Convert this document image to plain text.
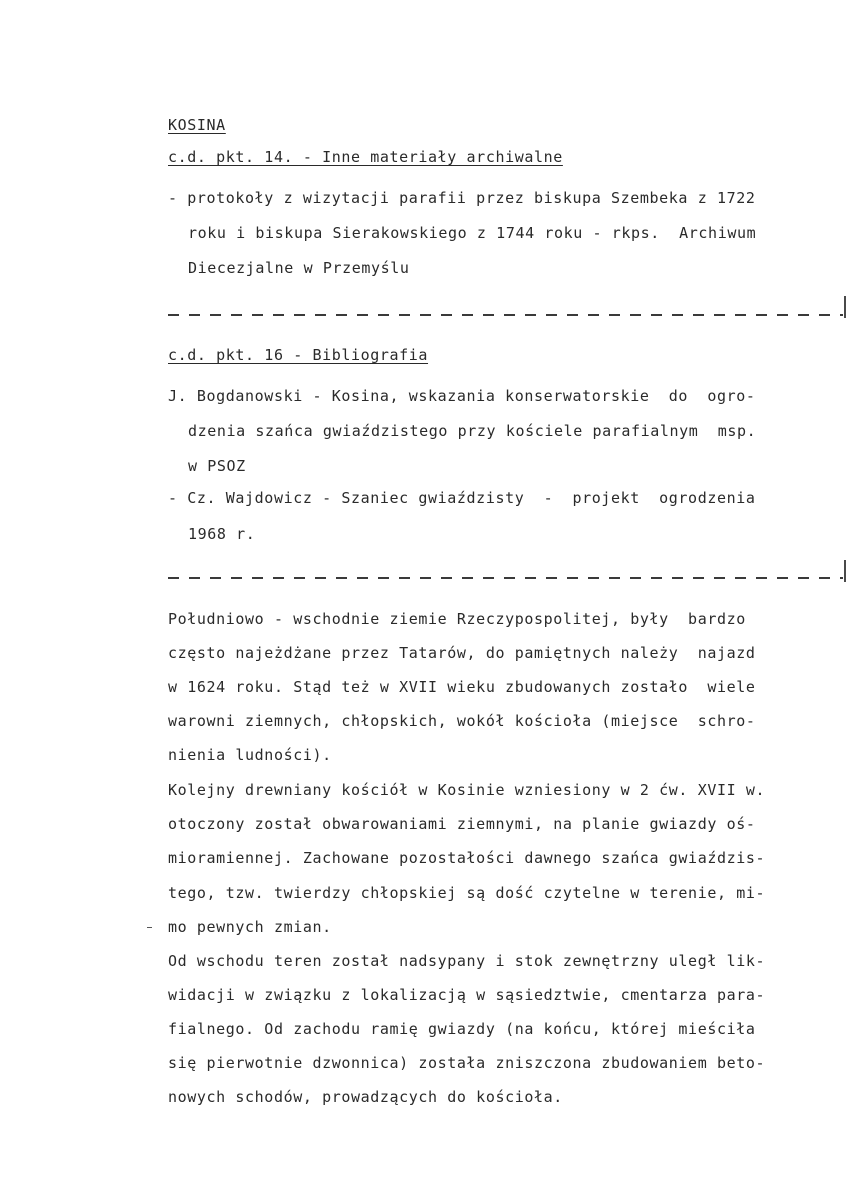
KOSINA
c.d. pkt. 14. - Inne materiały archiwalne
- protokoły z wizytacji parafii przez biskupa Szembeka z 1722
roku i biskupa Sierakowskiego z 1744 roku - rkps.  Archiwum
Diecezjalne w Przemyślu
c.d. pkt. 16 - Bibliografia
J. Bogdanowski - Kosina, wskazania konserwatorskie  do  ogro-
dzenia szańca gwiaździstego przy kościele parafialnym  msp.
w PSOZ
- Cz. Wajdowicz - Szaniec gwiaździsty  -  projekt  ogrodzenia
1968 r.
Południowo - wschodnie ziemie Rzeczypospolitej, były  bardzo
często najeżdżane przez Tatarów, do pamiętnych należy  najazd
w 1624 roku. Stąd też w XVII wieku zbudowanych zostało  wiele
warowni ziemnych, chłopskich, wokół kościoła (miejsce  schro-
nienia ludności).
Kolejny drewniany kościół w Kosinie wzniesiony w 2 ćw. XVII w.
otoczony został obwarowaniami ziemnymi, na planie gwiazdy oś-
mioramiennej. Zachowane pozostałości dawnego szańca gwiaździs-
tego, tzw. twierdzy chłopskiej są dość czytelne w terenie, mi-
mo pewnych zmian.
Od wschodu teren został nadsypany i stok zewnętrzny uległ lik-
widacji w związku z lokalizacją w sąsiedztwie, cmentarza para-
fialnego. Od zachodu ramię gwiazdy (na końcu, której mieściła
się pierwotnie dzwonnica) została zniszczona zbudowaniem beto-
nowych schodów, prowadzących do kościoła.
